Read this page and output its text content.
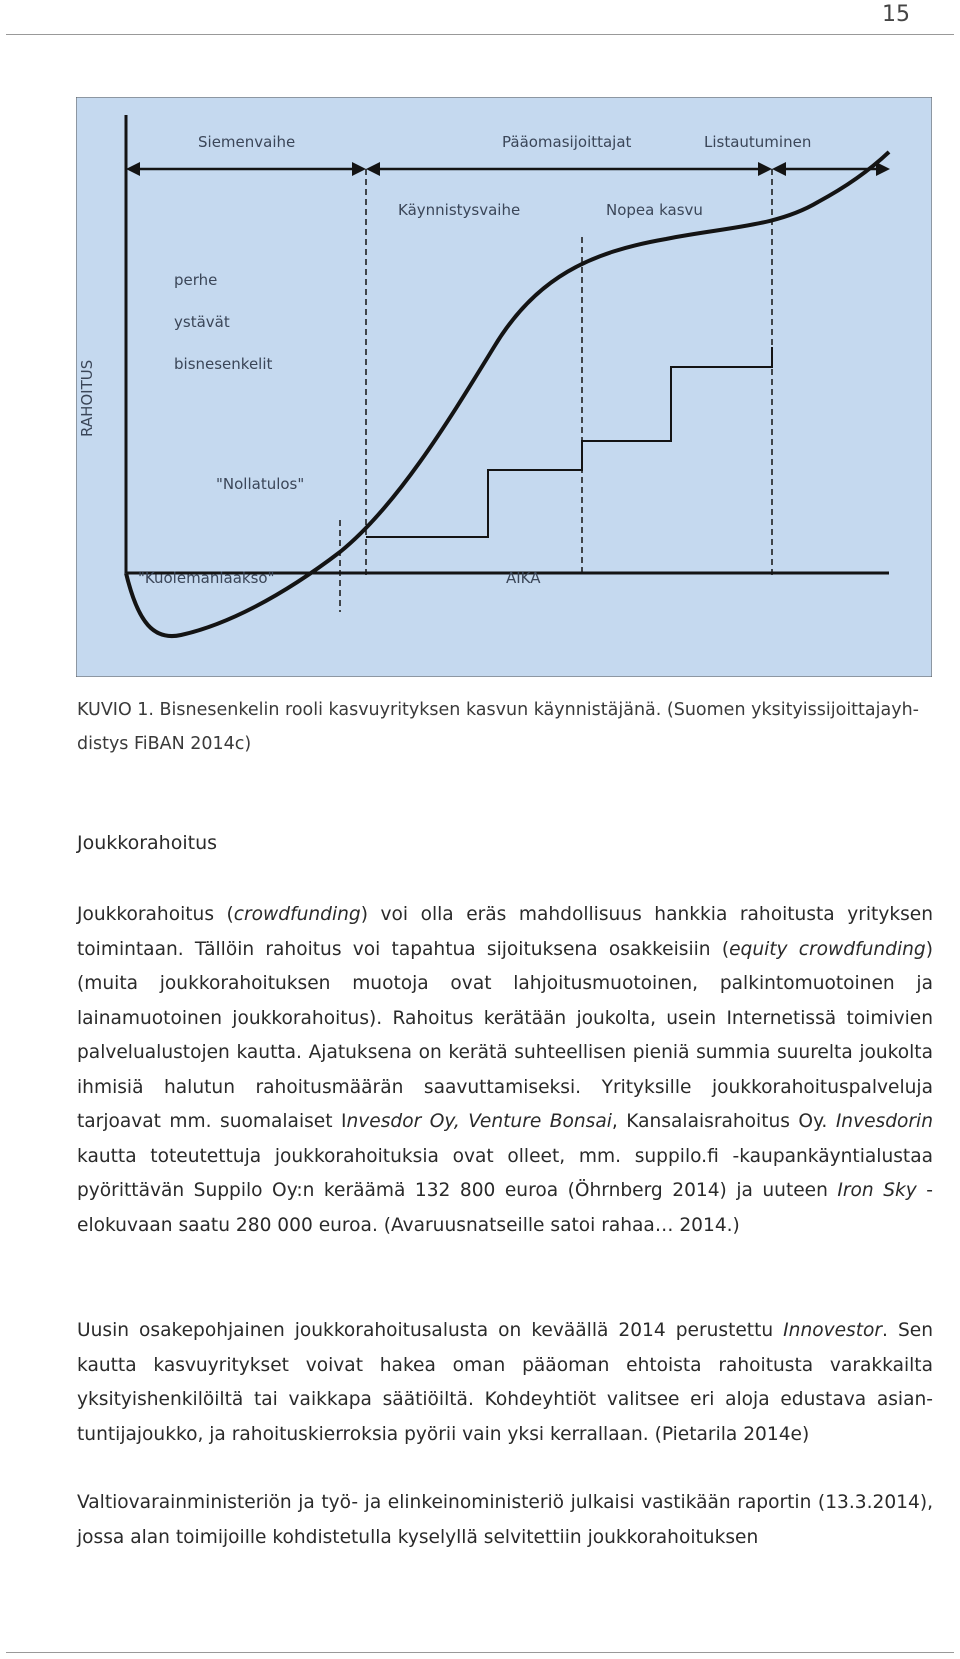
15
Siemenvaihe	Pääomasijoittajat	Listautuminen
Käynnistysvaihe	Nopea kasvu
perhe
ystävät
bisnesenkelit
"Nollatulos"
"Kuolemanlaakso"	AIKA
RAHOITUS
KUVIO 1. Bisnesenkelin rooli kasvuyrityksen kasvun käynnistäjänä. (Suomen yksityissijoittajayh-
distys FiBAN 2014c)
Joukkorahoitus
Joukkorahoitus (crowdfunding) voi olla eräs mahdollisuus hankkia rahoitusta yrityksen toimintaan. Tällöin rahoitus voi tapahtua sijoituksena osakkeisiin (equity crowdfunding) (muita joukkorahoituksen muotoja ovat lahjoitusmuotoinen, palkintomuotoinen ja lainamuotoinen joukkorahoitus). Rahoitus kerätään joukolta, usein Internetissä toimivien palvelualustojen kautta. Ajatuksena on kerätä suhteellisen pieniä summia suurelta joukolta ihmisiä halutun rahoitusmäärän saavuttamiseksi. Yrityksille joukkorahoituspalveluja tarjoavat mm. suomalaiset Invesdor Oy, Venture Bonsai, Kansalaisrahoitus Oy. Invesdorin kautta toteutettuja joukkorahoituksia ovat olleet, mm. suppilo.fi -kaupankäyntialustaa pyörittävän Suppilo Oy:n keräämä 132 800 euroa (Öhrnberg 2014) ja uuteen Iron Sky -elokuvaan saatu 280 000 euroa. (Avaruusnatseille satoi rahaa… 2014.)
Uusin osakepohjainen joukkorahoitusalusta on keväällä 2014 perustettu Innovestor. Sen kautta kasvuyritykset voivat hakea oman pääoman ehtoista rahoitusta varakkailta yksityishenkilöiltä tai vaikkapa säätiöiltä. Kohdeyhtiöt valitsee eri aloja edustava asiantuntijajoukko, ja rahoituskierroksia pyörii vain yksi kerrallaan. (Pietarila 2014e)
Valtiovarainministeriön ja työ- ja elinkeinoministeriö julkaisi vastikään raportin (13.3.2014), jossa alan toimijoille kohdistetulla kyselyllä selvitettiin joukkorahoituksen
